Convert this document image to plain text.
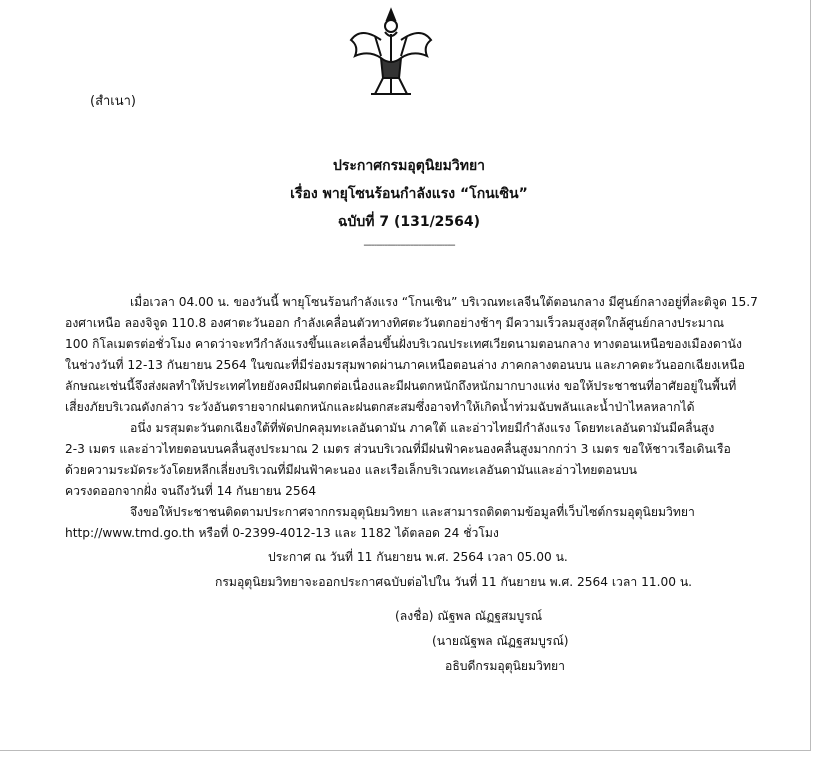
(สำเนา)
ประกาศกรมอุตุนิยมวิทยา
เรื่อง พายุโซนร้อนกำลังแรง “โกนเซิน”
ฉบับที่ 7 (131/2564)
-----------------------------------
เมื่อเวลา 04.00 น. ของวันนี้ พายุโซนร้อนกำลังแรง “โกนเซิน” บริเวณทะเลจีนใต้ตอนกลาง มีศูนย์กลางอยู่ที่ละติจูด 15.7
องศาเหนือ ลองจิจูด 110.8 องศาตะวันออก กำลังเคลื่อนตัวทางทิศตะวันตกอย่างช้าๆ มีความเร็วลมสูงสุดใกล้ศูนย์กลางประมาณ
100 กิโลเมตรต่อชั่วโมง คาดว่าจะทวีกำลังแรงขึ้นและเคลื่อนขึ้นฝั่งบริเวณประเทศเวียดนามตอนกลาง ทางตอนเหนือของเมืองดานัง
ในช่วงวันที่ 12-13 กันยายน 2564 ในขณะที่มีร่องมรสุมพาดผ่านภาคเหนือตอนล่าง ภาคกลางตอนบน และภาคตะวันออกเฉียงเหนือ
ลักษณะเช่นนี้จึงส่งผลทำให้ประเทศไทยยังคงมีฝนตกต่อเนื่องและมีฝนตกหนักถึงหนักมากบางแห่ง ขอให้ประชาชนที่อาศัยอยู่ในพื้นที่
เสี่ยงภัยบริเวณดังกล่าว ระวังอันตรายจากฝนตกหนักและฝนตกสะสมซึ่งอาจทำให้เกิดน้ำท่วมฉับพลันและน้ำป่าไหลหลากได้
อนึ่ง มรสุมตะวันตกเฉียงใต้ที่พัดปกคลุมทะเลอันดามัน ภาคใต้ และอ่าวไทยมีกำลังแรง โดยทะเลอันดามันมีคลื่นสูง
2-3 เมตร และอ่าวไทยตอนบนคลื่นสูงประมาณ 2 เมตร ส่วนบริเวณที่มีฝนฟ้าคะนองคลื่นสูงมากกว่า 3 เมตร ขอให้ชาวเรือเดินเรือ
ด้วยความระมัดระวังโดยหลีกเลี่ยงบริเวณที่มีฝนฟ้าคะนอง และเรือเล็กบริเวณทะเลอันดามันและอ่าวไทยตอนบน
ควรงดออกจากฝั่ง จนถึงวันที่ 14 กันยายน 2564
จึงขอให้ประชาชนติดตามประกาศจากกรมอุตุนิยมวิทยา และสามารถติดตามข้อมูลที่เว็บไซต์กรมอุตุนิยมวิทยา
http://www.tmd.go.th หรือที่ 0-2399-4012-13 และ 1182 ได้ตลอด 24 ชั่วโมง
ประกาศ ณ วันที่ 11 กันยายน พ.ศ. 2564 เวลา 05.00 น.
กรมอุตุนิยมวิทยาจะออกประกาศฉบับต่อไปใน วันที่ 11 กันยายน พ.ศ. 2564 เวลา 11.00 น.
(ลงชื่อ) ณัฐพล ณัฏฐสมบูรณ์
(นายณัฐพล ณัฏฐสมบูรณ์)
อธิบดีกรมอุตุนิยมวิทยา
